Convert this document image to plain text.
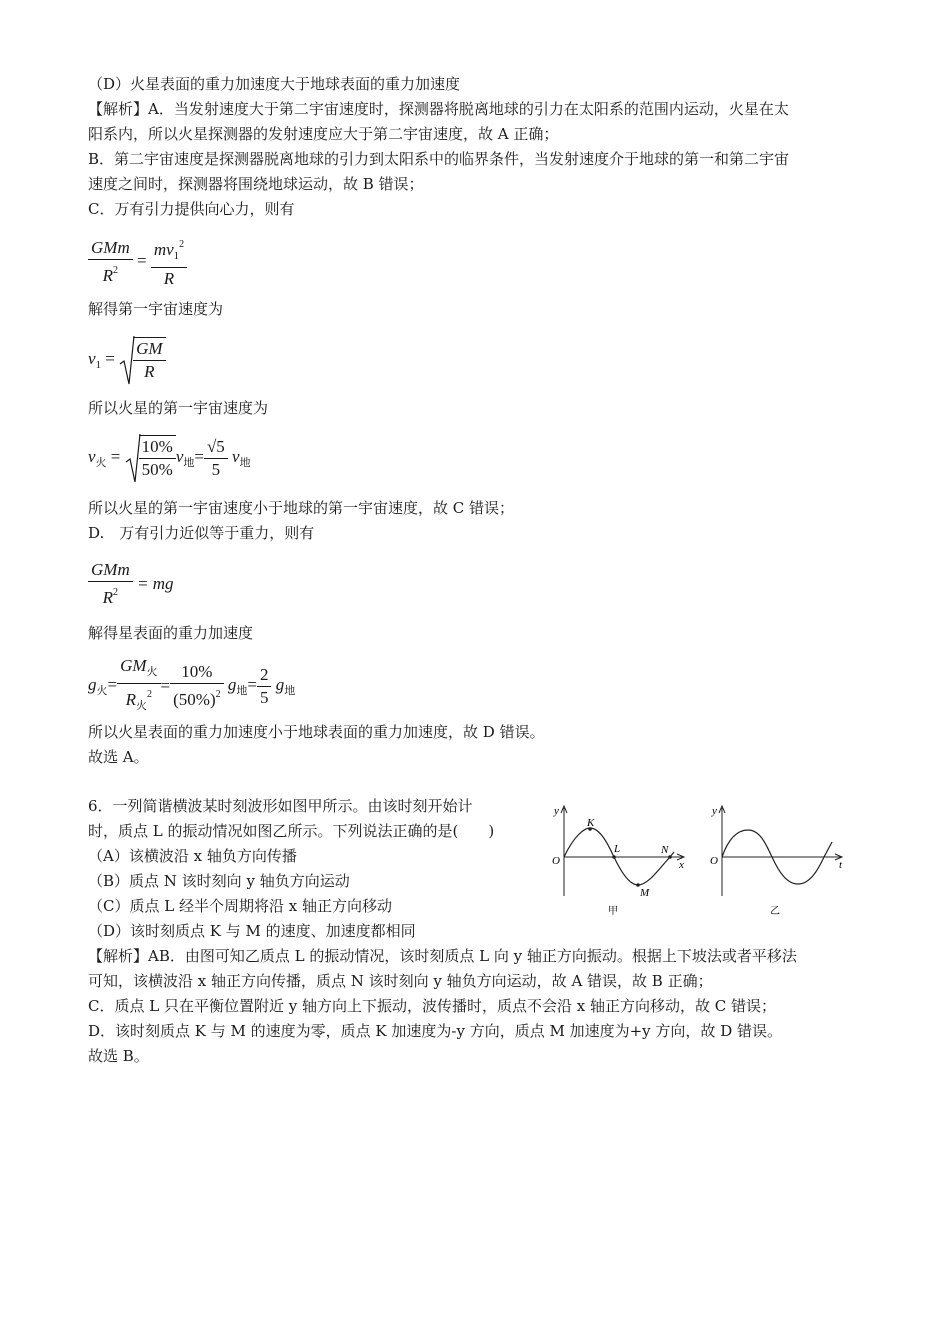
（D）火星表面的重力加速度大于地球表面的重力加速度
【解析】A．当发射速度大于第二宇宙速度时，探测器将脱离地球的引力在太阳系的范围内运动，火星在太
阳系内，所以火星探测器的发射速度应大于第二宇宙速度，故 A 正确；
B．第二宇宙速度是探测器脱离地球的引力到太阳系中的临界条件，当发射速度介于地球的第一和第二宇宙
速度之间时，探测器将围绕地球运动，故 B 错误；
C．万有引力提供向心力，则有
$\frac{\text{GMm}}{R^2} = \frac{mv_1^2}{R}$
解得第一宇宙速度为
$v_1 = \frac{GM}{R}$
所以火星的第一宇宙速度为
$v_火 = \frac{10\%}{50\%} v_地= \frac{√5}{5} v_地$
所以火星的第一宇宙速度小于地球的第一宇宙速度，故 C 错误；
D.　万有引力近似等于重力，则有
$\frac{\text{GMm}}{R^2}$ = mg
解得星表面的重力加速度
$g_火= \frac{GM_火}{R_火^2} = \frac{10\%}{(50\%)^2} g_地= \frac{2}{5} g_地$
所以火星表面的重力加速度小于地球表面的重力加速度，故 D 错误。
故选 A。
6．一列简谐横波某时刻波形如图甲所示。由该时刻开始计
时，质点 L 的振动情况如图乙所示。下列说法正确的是(　　)
（A）该横波沿 x 轴负方向传播
（B）质点 N 该时刻向 y 轴负方向运动
（C）质点 L 经半个周期将沿 x 轴正方向移动
（D）该时刻质点 K 与 M 的速度、加速度都相同
【解析】AB．由图可知乙质点 L 的振动情况，该时刻质点 L 向 y 轴正方向振动。根据上下坡法或者平移法
可知，该横波沿 x 轴正方向传播，质点 N 该时刻向 y 轴负方向运动，故 A 错误，故 B 正确；
C．质点 L 只在平衡位置附近 y 轴方向上下振动，波传播时，质点不会沿 x 轴正方向移动，故 C 错误；
D．该时刻质点 K 与 M 的速度为零，质点 K 加速度为-y 方向，质点 M 加速度为+y 方向，故 D 错误。
故选 B。
y
x
O
K
L	N
M
甲
y
t
O
乙
